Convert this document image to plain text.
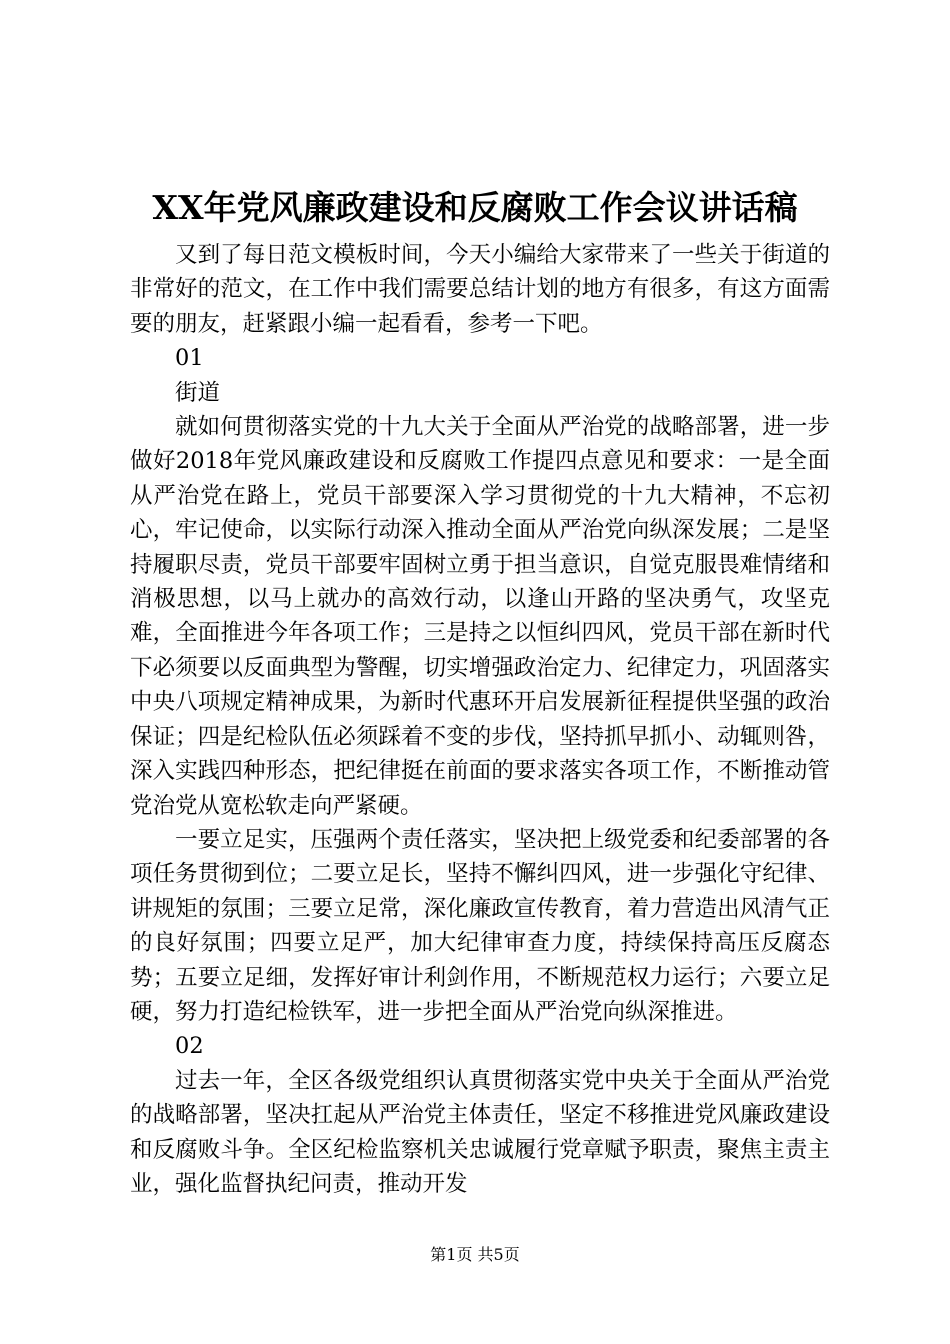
XX年党风廉政建设和反腐败工作会议讲话稿

又到了每日范文模板时间，今天小编给大家带来了一些关于街道的非常好的范文，在工作中我们需要总结计划的地方有很多，有这方面需要的朋友，赶紧跟小编一起看看，参考一下吧。

01

街道

就如何贯彻落实党的十九大关于全面从严治党的战略部署，进一步做好2018年党风廉政建设和反腐败工作提四点意见和要求：一是全面从严治党在路上，党员干部要深入学习贯彻党的十九大精神，不忘初心，牢记使命，以实际行动深入推动全面从严治党向纵深发展；二是坚持履职尽责，党员干部要牢固树立勇于担当意识，自觉克服畏难情绪和消极思想，以马上就办的高效行动，以逢山开路的坚决勇气，攻坚克难，全面推进今年各项工作；三是持之以恒纠四风，党员干部在新时代下必须要以反面典型为警醒，切实增强政治定力、纪律定力，巩固落实中央八项规定精神成果，为新时代惠环开启发展新征程提供坚强的政治保证；四是纪检队伍必须踩着不变的步伐，坚持抓早抓小、动辄则咎，深入实践四种形态，把纪律挺在前面的要求落实各项工作，不断推动管党治党从宽松软走向严紧硬。

一要立足实，压强两个责任落实，坚决把上级党委和纪委部署的各项任务贯彻到位；二要立足长，坚持不懈纠四风，进一步强化守纪律、讲规矩的氛围；三要立足常，深化廉政宣传教育，着力营造出风清气正的良好氛围；四要立足严，加大纪律审查力度，持续保持高压反腐态势；五要立足细，发挥好审计利剑作用，不断规范权力运行；六要立足硬，努力打造纪检铁军，进一步把全面从严治党向纵深推进。

02

过去一年，全区各级党组织认真贯彻落实党中央关于全面从严治党的战略部署，坚决扛起从严治党主体责任，坚定不移推进党风廉政建设和反腐败斗争。全区纪检监察机关忠诚履行党章赋予职责，聚焦主责主业，强化监督执纪问责，推动开发

第1页 共5页
